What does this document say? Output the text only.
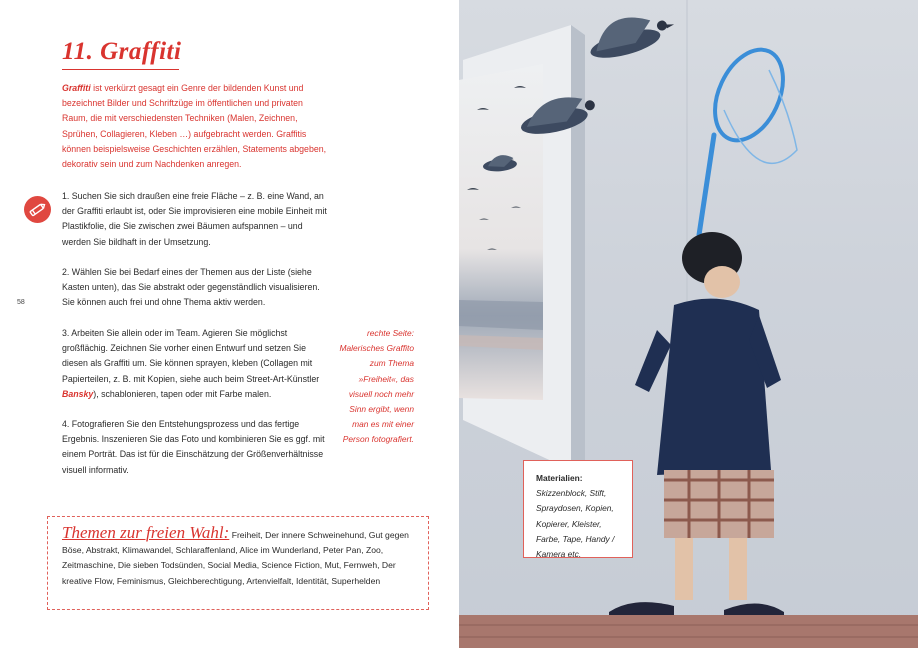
11. Graffiti

Graffiti ist verkürzt gesagt ein Genre der bildenden Kunst und bezeichnet Bilder und Schriftzüge im öffentlichen und privaten Raum, die mit verschiedensten Techniken (Malen, Zeichnen, Sprühen, Collagieren, Kleben …) aufgebracht werden. Graffitis können beispielsweise Geschichten erzählen, Statements abgeben, dekorativ sein und zum Nachdenken anregen.

1. Suchen Sie sich draußen eine freie Fläche – z. B. eine Wand, an der Graffiti erlaubt ist, oder Sie improvisieren eine mobile Einheit mit Plastikfolie, die Sie zwischen zwei Bäumen aufspannen – und werden Sie bildhaft in der Umsetzung.

2. Wählen Sie bei Bedarf eines der Themen aus der Liste (siehe Kasten unten), das Sie abstrakt oder gegenständlich visualisieren. Sie können auch frei und ohne Thema aktiv werden.

3. Arbeiten Sie allein oder im Team. Agieren Sie möglichst großflächig. Zeichnen Sie vorher einen Entwurf und setzen Sie diesen als Graffiti um. Sie können sprayen, kleben (Collagen mit Papierteilen, z. B. mit Kopien, siehe auch beim Street-Art-Künstler Bansky), schablonieren, tapen oder mit Farbe malen.

4. Fotografieren Sie den Entstehungsprozess und das fertige Ergebnis. Inszenieren Sie das Foto und kombinieren Sie es ggf. mit einem Porträt. Das ist für die Einschätzung der Größenverhältnisse visuell informativ.

58

rechte Seite: Malerisches Graffito zum Thema »Freiheit«, das visuell noch mehr Sinn ergibt, wenn man es mit einer Person fotografiert.

Themen zur freien Wahl: Freiheit, Der innere Schweinehund, Gut gegen Böse, Abstrakt, Klimawandel, Schlaraffenland, Alice im Wunderland, Peter Pan, Zoo, Zeitmaschine, Die sieben Todsünden, Social Media, Science Fiction, Mut, Fernweh, Der kreative Flow, Feminismus, Gleichberechtigung, Artenvielfalt, Identität, Superhelden

Materialien: Skizzenblock, Stift, Spraydosen, Kopien, Kopierer, Kleister, Farbe, Tape, Handy / Kamera etc.
